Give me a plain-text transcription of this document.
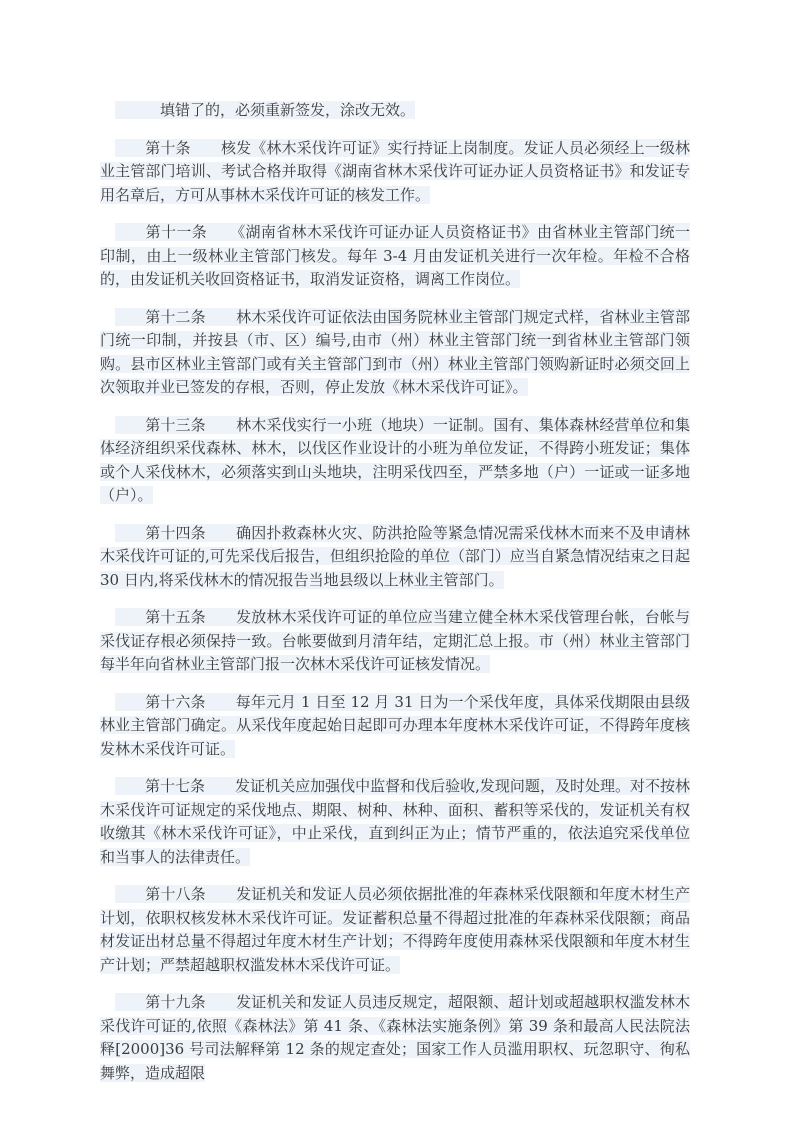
　　　填错了的，必须重新签发，涂改无效。

　　第十条　　核发《林木采伐许可证》实行持证上岗制度。发证人员必须经上一级林业主管部门培训、考试合格并取得《湖南省林木采伐许可证办证人员资格证书》和发证专用名章后，方可从事林木采伐许可证的核发工作。

　　第十一条　　《湖南省林木采伐许可证办证人员资格证书》由省林业主管部门统一印制，由上一级林业主管部门核发。每年 3-4 月由发证机关进行一次年检。年检不合格的，由发证机关收回资格证书，取消发证资格，调离工作岗位。

　　第十二条　　林木采伐许可证依法由国务院林业主管部门规定式样，省林业主管部门统一印制，并按县（市、区）编号,由市（州）林业主管部门统一到省林业主管部门领购。县市区林业主管部门或有关主管部门到市（州）林业主管部门领购新证时必须交回上次领取并业已签发的存根，否则，停止发放《林木采伐许可证》。

　　第十三条　　林木采伐实行一小班（地块）一证制。国有、集体森林经营单位和集体经济组织采伐森林、林木，以伐区作业设计的小班为单位发证，不得跨小班发证；集体或个人采伐林木，必须落实到山头地块，注明采伐四至，严禁多地（户）一证或一证多地（户）。

　　第十四条　　确因扑救森林火灾、防洪抢险等紧急情况需采伐林木而来不及申请林木采伐许可证的,可先采伐后报告，但组织抢险的单位（部门）应当自紧急情况结束之日起 30 日内,将采伐林木的情况报告当地县级以上林业主管部门。

　　第十五条　　发放林木采伐许可证的单位应当建立健全林木采伐管理台帐，台帐与采伐证存根必须保持一致。台帐要做到月清年结，定期汇总上报。市（州）林业主管部门每半年向省林业主管部门报一次林木采伐许可证核发情况。

　　第十六条　　每年元月 1 日至 12 月 31 日为一个采伐年度，具体采伐期限由县级林业主管部门确定。从采伐年度起始日起即可办理本年度林木采伐许可证，不得跨年度核发林木采伐许可证。

　　第十七条　　发证机关应加强伐中监督和伐后验收,发现问题，及时处理。对不按林木采伐许可证规定的采伐地点、期限、树种、林种、面积、蓄积等采伐的，发证机关有权收缴其《林木采伐许可证》，中止采伐，直到纠正为止；情节严重的，依法追究采伐单位和当事人的法律责任。

　　第十八条　　发证机关和发证人员必须依据批准的年森林采伐限额和年度木材生产计划，依职权核发林木采伐许可证。发证蓄积总量不得超过批准的年森林采伐限额；商品材发证出材总量不得超过年度木材生产计划；不得跨年度使用森林采伐限额和年度木材生产计划；严禁超越职权滥发林木采伐许可证。

　　第十九条　　发证机关和发证人员违反规定，超限额、超计划或超越职权滥发林木采伐许可证的,依照《森林法》第 41 条、《森林法实施条例》第 39 条和最高人民法院法释[2000]36 号司法解释第 12 条的规定查处；国家工作人员滥用职权、玩忽职守、徇私舞弊，造成超限
